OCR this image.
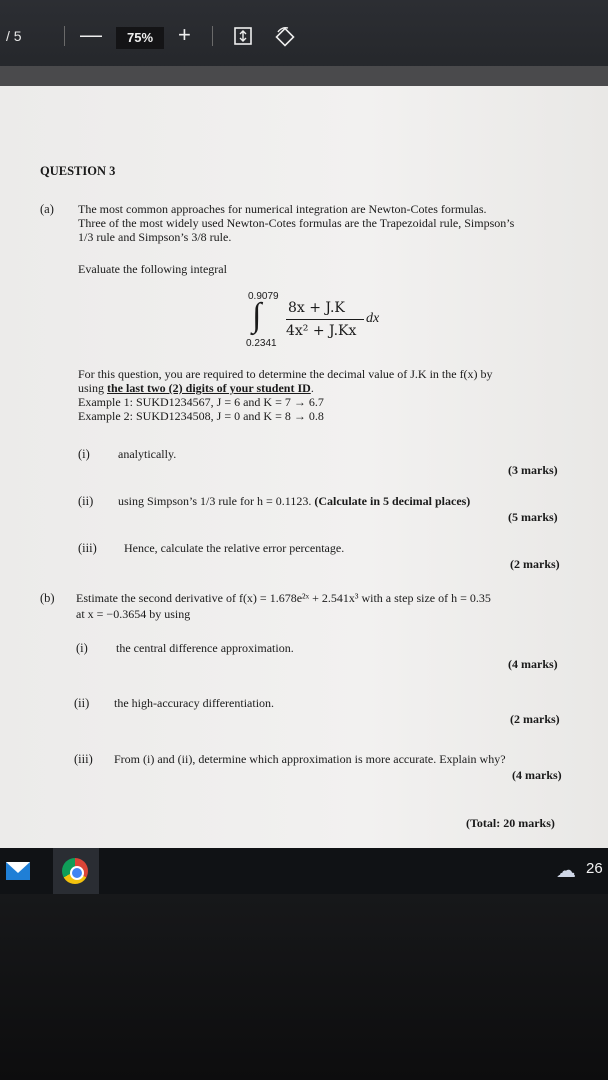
/ 5	—	75%	+
QUESTION 3
(a) The most common approaches for numerical integration are Newton-Cotes formulas.
Three of the most widely used Newton-Cotes formulas are the Trapezoidal rule, Simpson’s
1/3 rule and Simpson’s 3/8 rule.
Evaluate the following integral
0.9079
∫
0.2341
8x + J.K
4x² + J.Kx
dx
For this question, you are required to determine the decimal value of J.K in the f(x) by
using the last two (2) digits of your student ID.
Example 1: SUKD1234567, J = 6 and K = 7 → 6.7
Example 2: SUKD1234508, J = 0 and K = 8 → 0.8
(i) analytically.
(3 marks)
(ii) using Simpson’s 1/3 rule for h = 0.1123. (Calculate in 5 decimal places)
(5 marks)
(iii) Hence, calculate the relative error percentage.
(2 marks)
(b) Estimate the second derivative of f(x) = 1.678e²ˣ + 2.541x³ with a step size of h = 0.35
at x = −0.3654 by using
(i) the central difference approximation.
(4 marks)
(ii) the high-accuracy differentiation.
(2 marks)
(iii) From (i) and (ii), determine which approximation is more accurate. Explain why?
(4 marks)
(Total: 20 marks)
☁ 26
